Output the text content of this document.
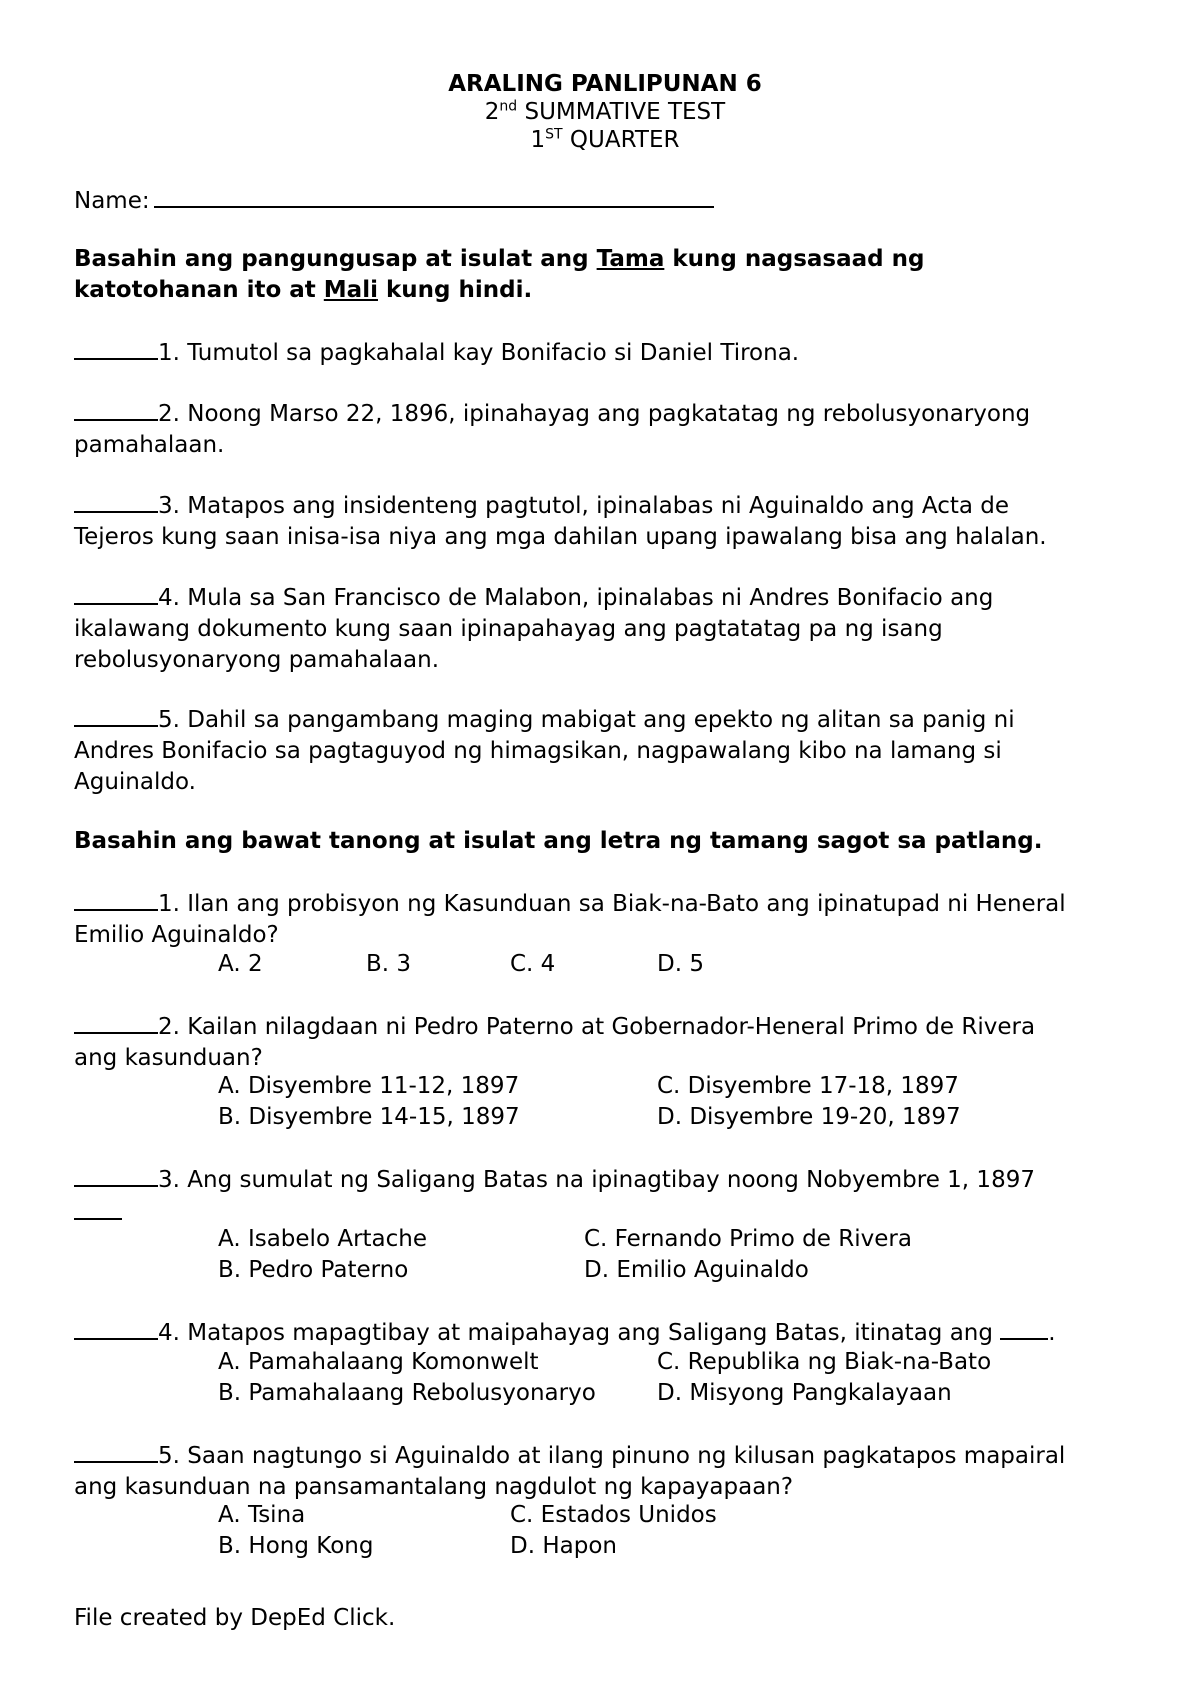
ARALING PANLIPUNAN 6
2nd SUMMATIVE TEST
1ST QUARTER
Name:
Basahin ang pangungusap at isulat ang Tama kung nagsasaad ng
katotohanan ito at Mali kung hindi.
1. Tumutol sa pagkahalal kay Bonifacio si Daniel Tirona.
2. Noong Marso 22, 1896, ipinahayag ang pagkatatag ng rebolusyonaryong
pamahalaan.
3. Matapos ang insidenteng pagtutol, ipinalabas ni Aguinaldo ang Acta de
Tejeros kung saan inisa-isa niya ang mga dahilan upang ipawalang bisa ang halalan.
4. Mula sa San Francisco de Malabon, ipinalabas ni Andres Bonifacio ang
ikalawang dokumento kung saan ipinapahayag ang pagtatatag pa ng isang
rebolusyonaryong pamahalaan.
5. Dahil sa pangambang maging mabigat ang epekto ng alitan sa panig ni
Andres Bonifacio sa pagtaguyod ng himagsikan, nagpawalang kibo na lamang si
Aguinaldo.
Basahin ang bawat tanong at isulat ang letra ng tamang sagot sa patlang.
1. Ilan ang probisyon ng Kasunduan sa Biak-na-Bato ang ipinatupad ni Heneral
Emilio Aguinaldo?
A. 2	B. 3	C. 4	D. 5
2. Kailan nilagdaan ni Pedro Paterno at Gobernador-Heneral Primo de Rivera
ang kasunduan?
A. Disyembre 11-12, 1897	C. Disyembre 17-18, 1897
B. Disyembre 14-15, 1897	D. Disyembre 19-20, 1897
3. Ang sumulat ng Saligang Batas na ipinagtibay noong Nobyembre 1, 1897
A. Isabelo Artache	C. Fernando Primo de Rivera
B. Pedro Paterno	D. Emilio Aguinaldo
4. Matapos mapagtibay at maipahayag ang Saligang Batas, itinatag ang .
A. Pamahalaang Komonwelt	C. Republika ng Biak-na-Bato
B. Pamahalaang Rebolusyonaryo	D. Misyong Pangkalayaan
5. Saan nagtungo si Aguinaldo at ilang pinuno ng kilusan pagkatapos mapairal
ang kasunduan na pansamantalang nagdulot ng kapayapaan?
A. Tsina	C. Estados Unidos
B. Hong Kong	D. Hapon
File created by DepEd Click.
